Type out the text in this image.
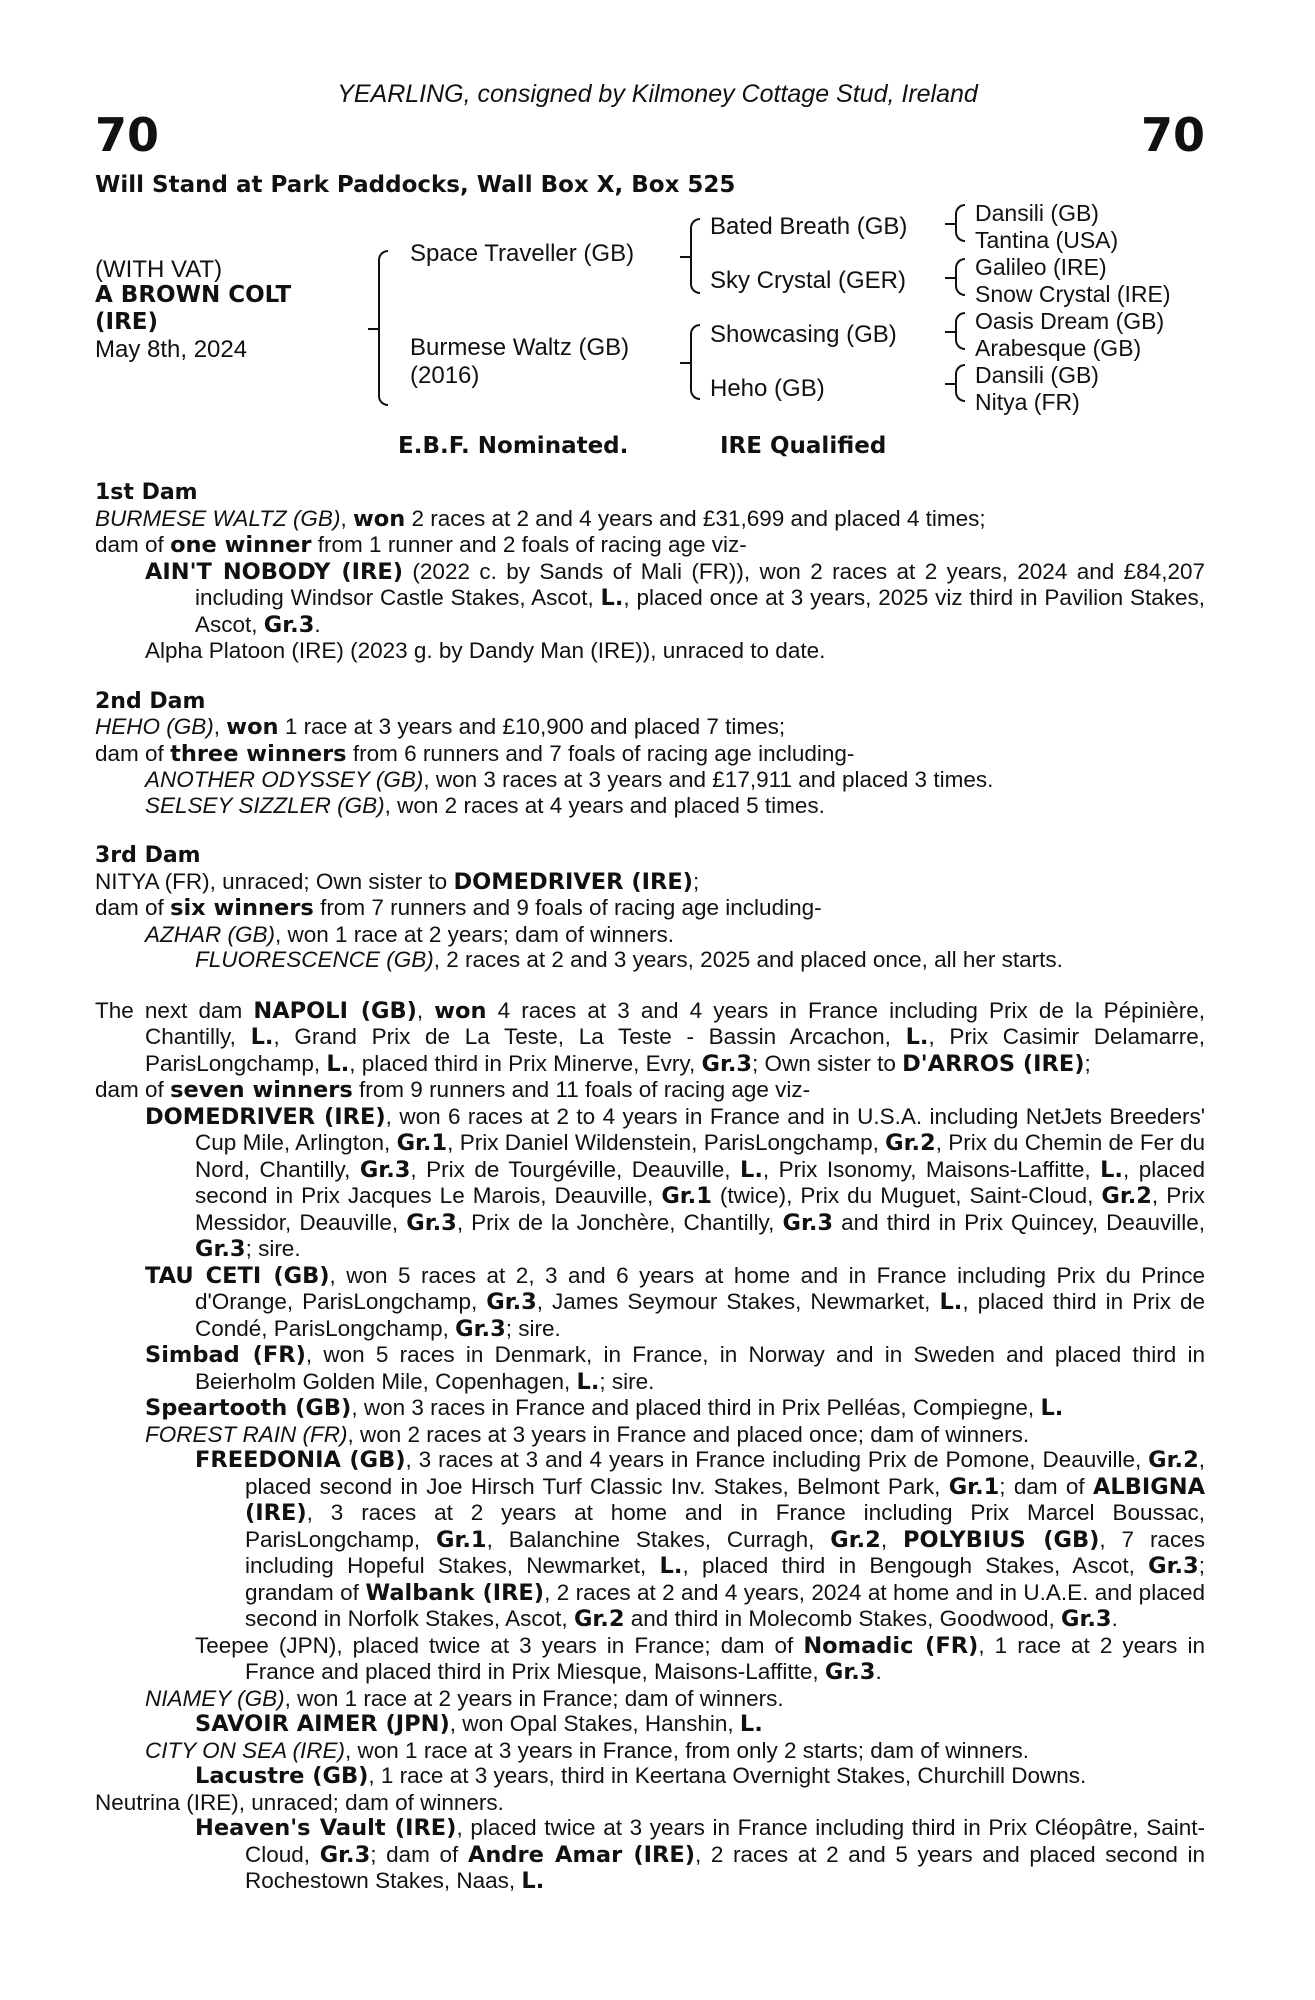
70	70
YEARLING, consigned by Kilmoney Cottage Stud, Ireland
Will Stand at Park Paddocks, Wall Box X, Box 525
(WITH VAT)
A BROWN COLT
(IRE)
May 8th, 2024
Space Traveller (GB)
Burmese Waltz (GB)
(2016)
Bated Breath (GB)
Sky Crystal (GER)
Showcasing (GB)
Heho (GB)
Dansili (GB)
Tantina (USA)
Galileo (IRE)
Snow Crystal (IRE)
Oasis Dream (GB)
Arabesque (GB)
Dansili (GB)
Nitya (FR)
E.B.F. Nominated.	IRE Qualified

1st Dam

BURMESE WALTZ (GB), won 2 races at 2 and 4 years and £31,699 and placed 4 times;

dam of one winner from 1 runner and 2 foals of racing age viz-

AIN'T NOBODY (IRE) (2022 c. by Sands of Mali (FR)), won 2 races at 2 years, 2024 and £84,207 including Windsor Castle Stakes, Ascot, L., placed once at 3 years, 2025 viz third in Pavilion Stakes, Ascot, Gr.3.

Alpha Platoon (IRE) (2023 g. by Dandy Man (IRE)), unraced to date.

2nd Dam

HEHO (GB), won 1 race at 3 years and £10,900 and placed 7 times;

dam of three winners from 6 runners and 7 foals of racing age including-

ANOTHER ODYSSEY (GB), won 3 races at 3 years and £17,911 and placed 3 times.

SELSEY SIZZLER (GB), won 2 races at 4 years and placed 5 times.

3rd Dam

NITYA (FR), unraced; Own sister to DOMEDRIVER (IRE);

dam of six winners from 7 runners and 9 foals of racing age including-

AZHAR (GB), won 1 race at 2 years; dam of winners.

FLUORESCENCE (GB), 2 races at 2 and 3 years, 2025 and placed once, all her starts.

The next dam NAPOLI (GB), won 4 races at 3 and 4 years in France including Prix de la Pépinière, Chantilly, L., Grand Prix de La Teste, La Teste - Bassin Arcachon, L., Prix Casimir Delamarre, ParisLongchamp, L., placed third in Prix Minerve, Evry, Gr.3; Own sister to D'ARROS (IRE);

dam of seven winners from 9 runners and 11 foals of racing age viz-

DOMEDRIVER (IRE), won 6 races at 2 to 4 years in France and in U.S.A. including NetJets Breeders' Cup Mile, Arlington, Gr.1, Prix Daniel Wildenstein, ParisLongchamp, Gr.2, Prix du Chemin de Fer du Nord, Chantilly, Gr.3, Prix de Tourgéville, Deauville, L., Prix Isonomy, Maisons-Laffitte, L., placed second in Prix Jacques Le Marois, Deauville, Gr.1 (twice), Prix du Muguet, Saint-Cloud, Gr.2, Prix Messidor, Deauville, Gr.3, Prix de la Jonchère, Chantilly, Gr.3 and third in Prix Quincey, Deauville, Gr.3; sire.

TAU CETI (GB), won 5 races at 2, 3 and 6 years at home and in France including Prix du Prince d'Orange, ParisLongchamp, Gr.3, James Seymour Stakes, Newmarket, L., placed third in Prix de Condé, ParisLongchamp, Gr.3; sire.

Simbad (FR), won 5 races in Denmark, in France, in Norway and in Sweden and placed third in Beierholm Golden Mile, Copenhagen, L.; sire.

Speartooth (GB), won 3 races in France and placed third in Prix Pelléas, Compiegne, L.

FOREST RAIN (FR), won 2 races at 3 years in France and placed once; dam of winners.

FREEDONIA (GB), 3 races at 3 and 4 years in France including Prix de Pomone, Deauville, Gr.2, placed second in Joe Hirsch Turf Classic Inv. Stakes, Belmont Park, Gr.1; dam of ALBIGNA (IRE), 3 races at 2 years at home and in France including Prix Marcel Boussac, ParisLongchamp, Gr.1, Balanchine Stakes, Curragh, Gr.2, POLYBIUS (GB), 7 races including Hopeful Stakes, Newmarket, L., placed third in Bengough Stakes, Ascot, Gr.3; grandam of Walbank (IRE), 2 races at 2 and 4 years, 2024 at home and in U.A.E. and placed second in Norfolk Stakes, Ascot, Gr.2 and third in Molecomb Stakes, Goodwood, Gr.3.

Teepee (JPN), placed twice at 3 years in France; dam of Nomadic (FR), 1 race at 2 years in France and placed third in Prix Miesque, Maisons-Laffitte, Gr.3.

NIAMEY (GB), won 1 race at 2 years in France; dam of winners.

SAVOIR AIMER (JPN), won Opal Stakes, Hanshin, L.

CITY ON SEA (IRE), won 1 race at 3 years in France, from only 2 starts; dam of winners.

Lacustre (GB), 1 race at 3 years, third in Keertana Overnight Stakes, Churchill Downs.

Neutrina (IRE), unraced; dam of winners.

Heaven's Vault (IRE), placed twice at 3 years in France including third in Prix Cléopâtre, Saint-Cloud, Gr.3; dam of Andre Amar (IRE), 2 races at 2 and 5 years and placed second in Rochestown Stakes, Naas, L.
